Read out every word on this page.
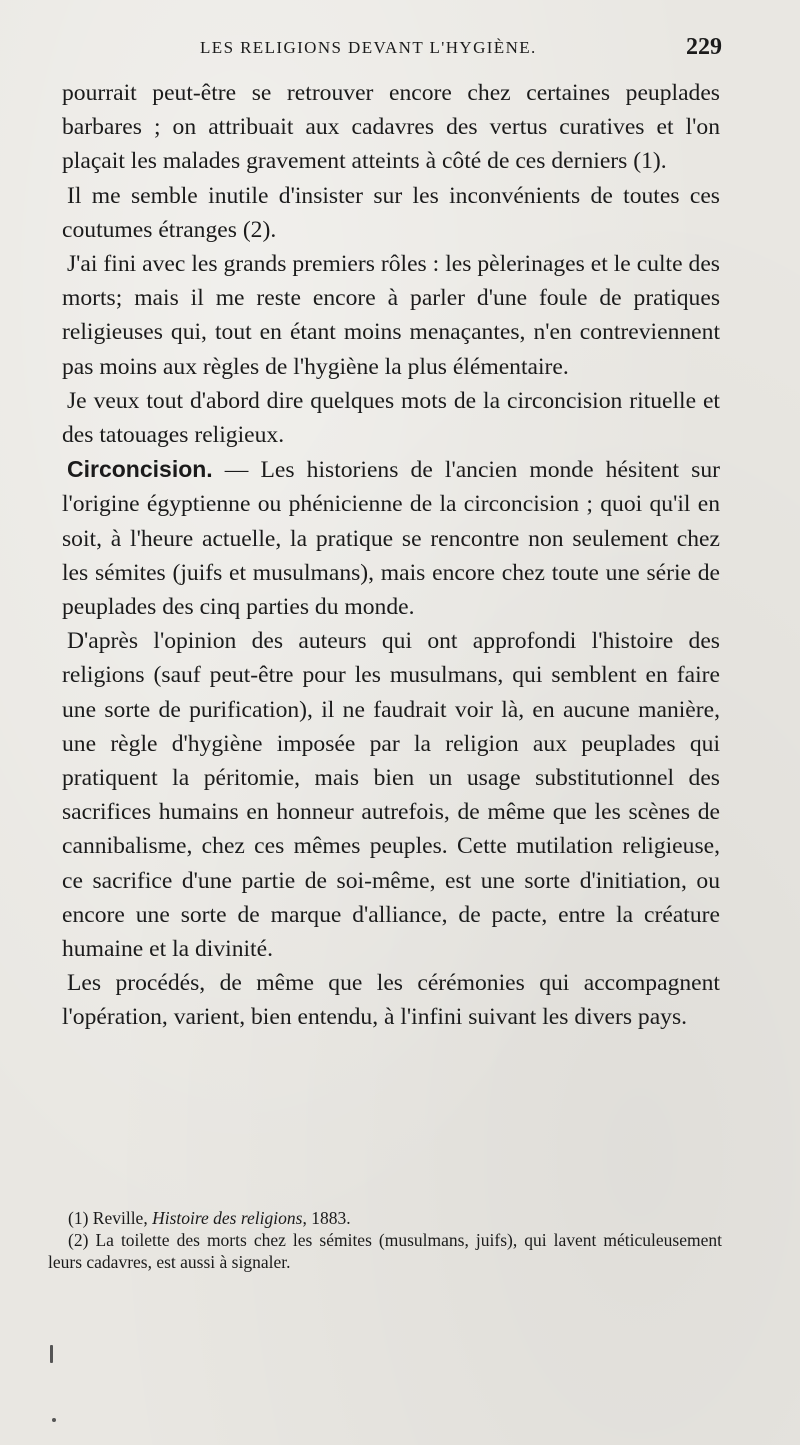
LES RELIGIONS DEVANT L'HYGIÈNE.	229

pourrait peut-être se retrouver encore chez certaines peuplades barbares ; on attribuait aux cadavres des vertus curatives et l'on plaçait les malades gravement atteints à côté de ces derniers (1).

Il me semble inutile d'insister sur les inconvénients de toutes ces coutumes étranges (2).

J'ai fini avec les grands premiers rôles : les pèlerinages et le culte des morts; mais il me reste encore à parler d'une foule de pratiques religieuses qui, tout en étant moins menaçantes, n'en contreviennent pas moins aux règles de l'hygiène la plus élémentaire.

Je veux tout d'abord dire quelques mots de la circoncision rituelle et des tatouages religieux.

Circoncision. — Les historiens de l'ancien monde hésitent sur l'origine égyptienne ou phénicienne de la circoncision ; quoi qu'il en soit, à l'heure actuelle, la pratique se rencontre non seulement chez les sémites (juifs et musulmans), mais encore chez toute une série de peuplades des cinq parties du monde.

D'après l'opinion des auteurs qui ont approfondi l'histoire des religions (sauf peut-être pour les musulmans, qui semblent en faire une sorte de purification), il ne faudrait voir là, en aucune manière, une règle d'hygiène imposée par la religion aux peuplades qui pratiquent la péritomie, mais bien un usage substitutionnel des sacrifices humains en honneur autrefois, de même que les scènes de cannibalisme, chez ces mêmes peuples. Cette mutilation religieuse, ce sacrifice d'une partie de soi-même, est une sorte d'initiation, ou encore une sorte de marque d'alliance, de pacte, entre la créature humaine et la divinité.

Les procédés, de même que les cérémonies qui accompagnent l'opération, varient, bien entendu, à l'infini suivant les divers pays.

(1) Reville, Histoire des religions, 1883.

(2) La toilette des morts chez les sémites (musulmans, juifs), qui lavent méticuleusement leurs cadavres, est aussi à signaler.
